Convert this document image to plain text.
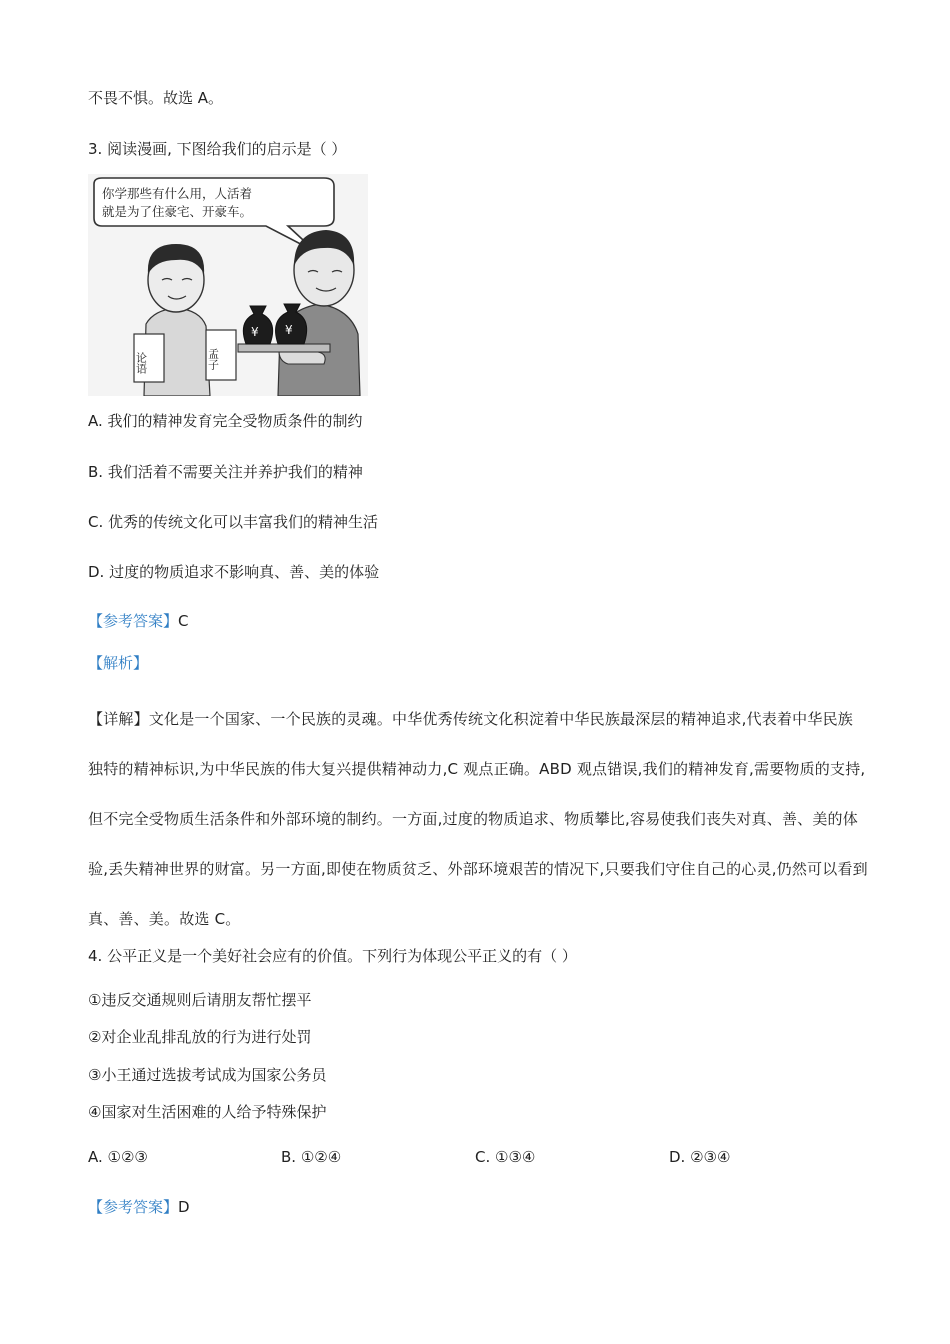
不畏不惧。故选 A。
3. 阅读漫画, 下图给我们的启示是（ ）
你学那些有什么用，人活着
就是为了住豪宅、开豪车。
¥ ¥
论语	孟子
A. 我们的精神发育完全受物质条件的制约
B. 我们活着不需要关注并养护我们的精神
C. 优秀的传统文化可以丰富我们的精神生活
D. 过度的物质追求不影响真、善、美的体验
【参考答案】C
【解析】
【详解】文化是一个国家、一个民族的灵魂。中华优秀传统文化积淀着中华民族最深层的精神追求,代表着中华民族独特的精神标识,为中华民族的伟大复兴提供精神动力,C 观点正确。ABD 观点错误,我们的精神发育,需要物质的支持,但不完全受物质生活条件和外部环境的制约。一方面,过度的物质追求、物质攀比,容易使我们丧失对真、善、美的体验,丢失精神世界的财富。另一方面,即使在物质贫乏、外部环境艰苦的情况下,只要我们守住自己的心灵,仍然可以看到真、善、美。故选 C。
4. 公平正义是一个美好社会应有的价值。下列行为体现公平正义的有（ ）
①违反交通规则后请朋友帮忙摆平
②对企业乱排乱放的行为进行处罚
③小王通过选拔考试成为国家公务员
④国家对生活困难的人给予特殊保护
A. ①②③	B. ①②④	C. ①③④	D. ②③④
【参考答案】D
